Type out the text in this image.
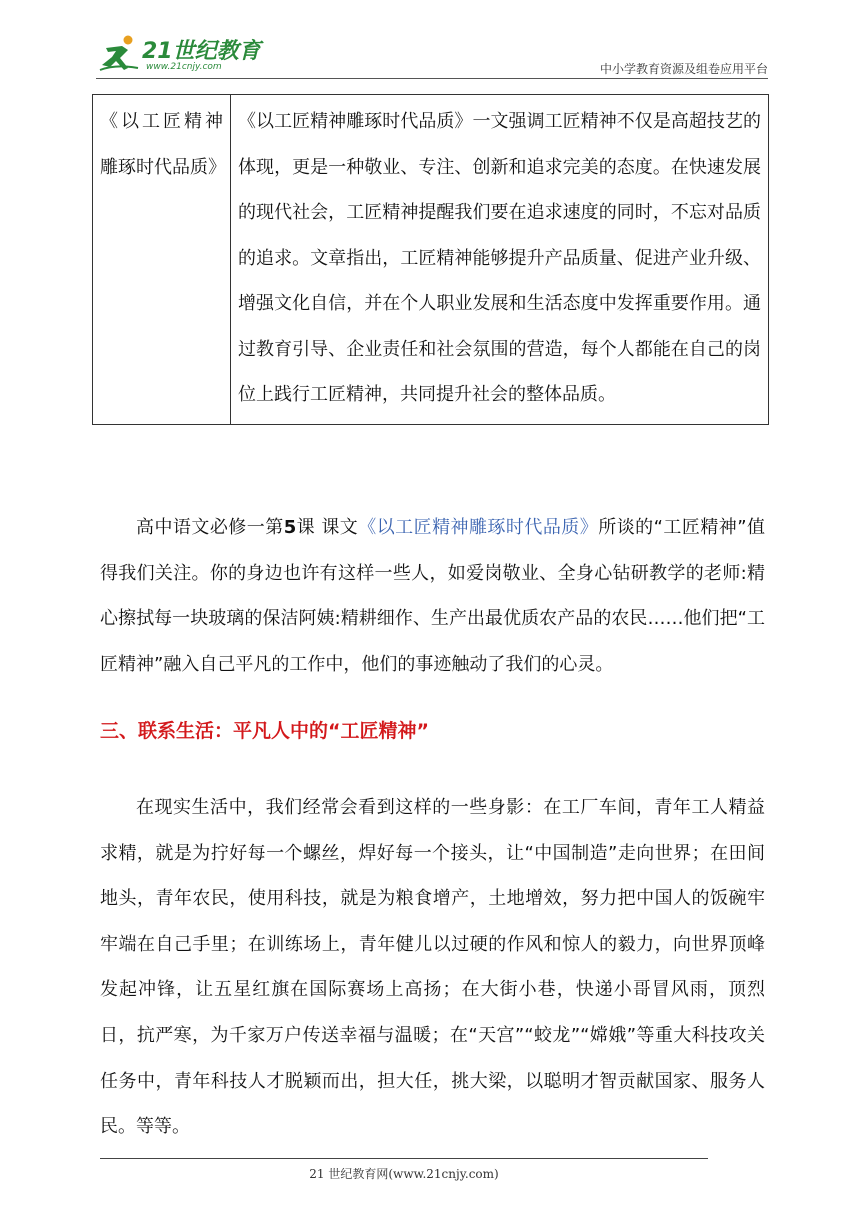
21世纪教育
www.21cnjy.com	中小学教育资源及组卷应用平台
《以工匠精神雕琢时代品质》	《以工匠精神雕琢时代品质》一文强调工匠精神不仅是高超技艺的体现，更是一种敬业、专注、创新和追求完美的态度。在快速发展的现代社会，工匠精神提醒我们要在追求速度的同时，不忘对品质的追求。文章指出，工匠精神能够提升产品质量、促进产业升级、增强文化自信，并在个人职业发展和生活态度中发挥重要作用。通过教育引导、企业责任和社会氛围的营造，每个人都能在自己的岗位上践行工匠精神，共同提升社会的整体品质。

高中语文必修一第5课 课文《以工匠精神雕琢时代品质》所谈的“工匠精神”值得我们关注。你的身边也许有这样一些人，如爱岗敬业、全身心钻研教学的老师:精心擦拭每一块玻璃的保洁阿姨:精耕细作、生产出最优质农产品的农民……他们把“工匠精神”融入自己平凡的工作中，他们的事迹触动了我们的心灵。

三、联系生活：平凡人中的“工匠精神”

在现实生活中，我们经常会看到这样的一些身影：在工厂车间，青年工人精益求精，就是为拧好每一个螺丝，焊好每一个接头，让“中国制造”走向世界；在田间地头，青年农民，使用科技，就是为粮食增产，土地增效，努力把中国人的饭碗牢牢端在自己手里；在训练场上，青年健儿以过硬的作风和惊人的毅力，向世界顶峰发起冲锋，让五星红旗在国际赛场上高扬；在大街小巷，快递小哥冒风雨，顶烈日，抗严寒，为千家万户传送幸福与温暖；在“天宫”“蛟龙”“嫦娥”等重大科技攻关任务中，青年科技人才脱颖而出，担大任，挑大梁，以聪明才智贡献国家、服务人民。等等。

21 世纪教育网(www.21cnjy.com)
